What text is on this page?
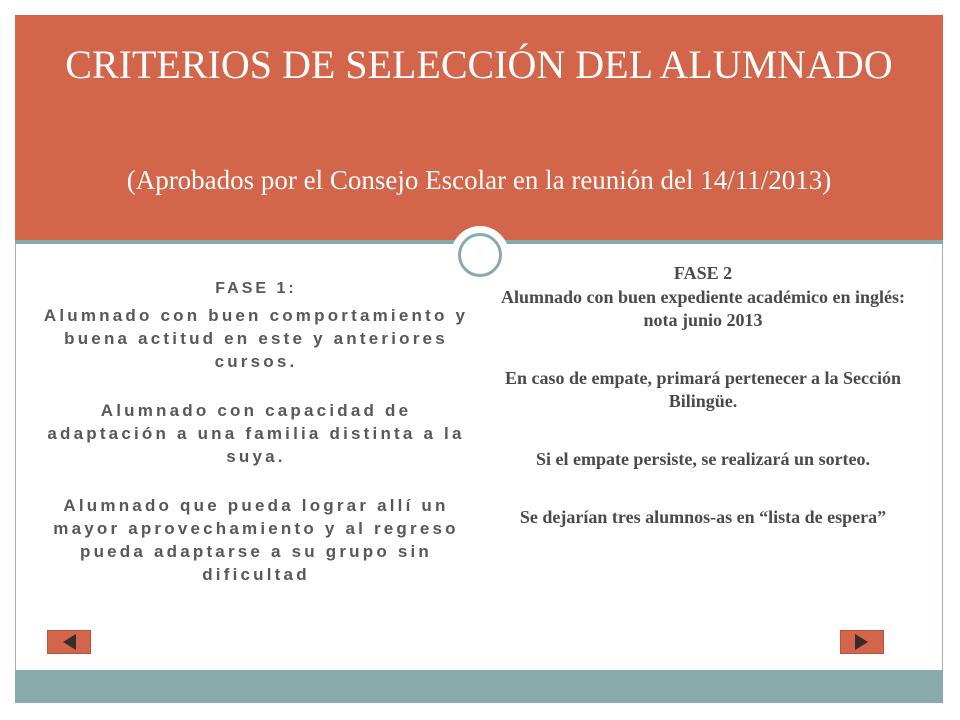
CRITERIOS DE SELECCIÓN DEL ALUMNADO
(Aprobados por el Consejo Escolar en la reunión del 14/11/2013)
FASE 1:

Alumnado con buen comportamiento y buena actitud en este y anteriores cursos.

Alumnado con capacidad de adaptación a una familia distinta a la suya.

Alumnado que pueda lograr allí un mayor aprovechamiento y al regreso pueda adaptarse a su grupo sin dificultad

FASE 2

Alumnado con buen expediente académico en inglés: nota junio 2013

En caso de empate, primará pertenecer a la Sección Bilingüe.

Si el empate persiste, se realizará un sorteo.

Se dejarían tres alumnos-as en “lista de espera”
